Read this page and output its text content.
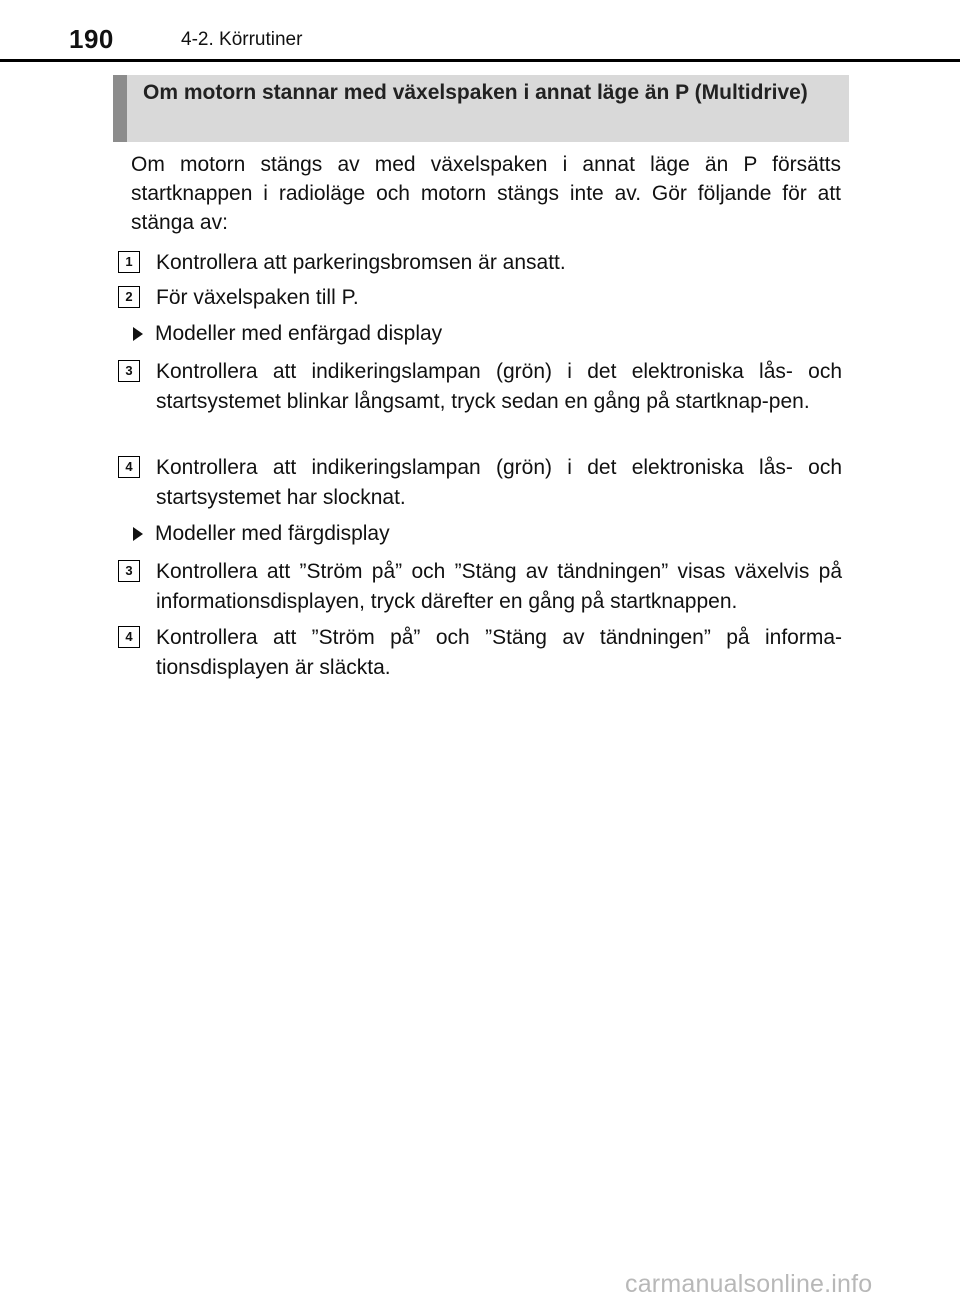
190	4-2. Körrutiner
Om motorn stannar med växelspaken i annat läge än P (Multidrive)
Om motorn stängs av med växelspaken i annat läge än P försätts startknappen i radioläge och motorn stängs inte av. Gör följande för att stänga av:
1	Kontrollera att parkeringsbromsen är ansatt.
2	För växelspaken till P.
Modeller med enfärgad display
3	Kontrollera att indikeringslampan (grön) i det elektroniska lås- och startsystemet blinkar långsamt, tryck sedan en gång på startknap-pen.
4	Kontrollera att indikeringslampan (grön) i det elektroniska lås- och startsystemet har slocknat.
Modeller med färgdisplay
3	Kontrollera att ”Ström på” och ”Stäng av tändningen” visas växelvis på informationsdisplayen, tryck därefter en gång på startknappen.
4	Kontrollera att ”Ström på” och ”Stäng av tändningen” på informa-tionsdisplayen är släckta.
carmanualsonline.info
